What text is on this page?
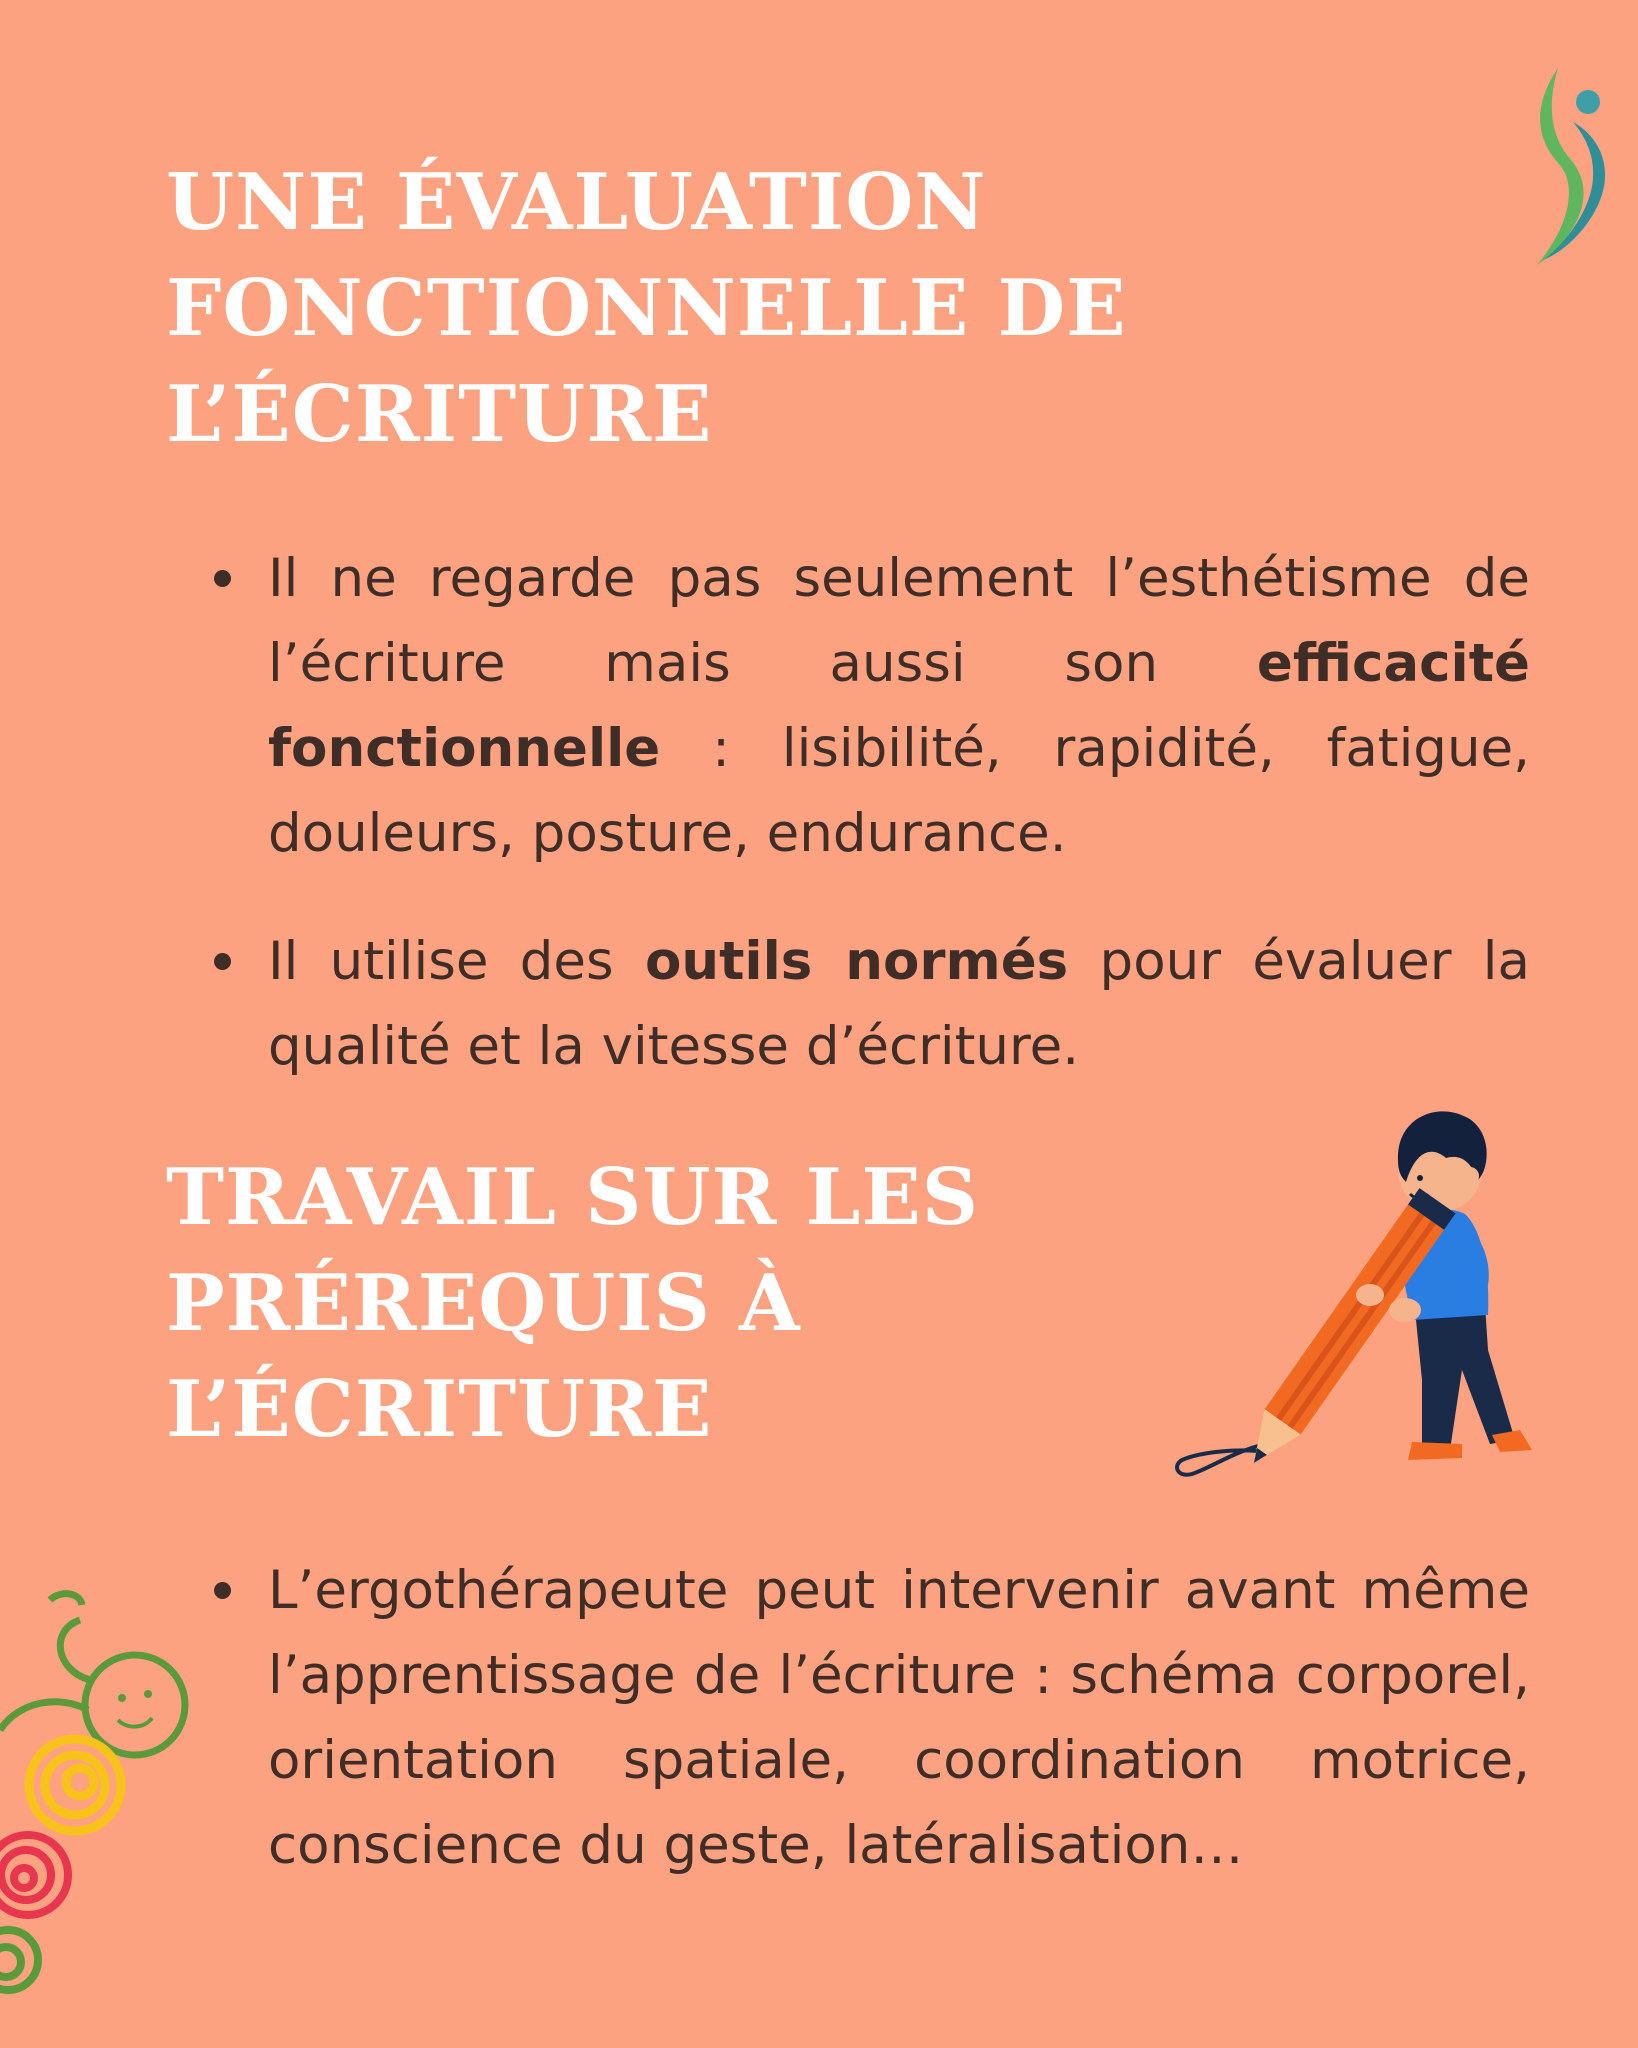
UNE ÉVALUATION
FONCTIONNELLE DE
L’ÉCRITURE
Il ne regarde pas seulement l’esthétisme de l’écriture mais aussi son efficacité fonctionnelle : lisibilité, rapidité, fatigue, douleurs, posture, endurance.
Il utilise des outils normés pour évaluer la qualité et la vitesse d’écriture.
TRAVAIL SUR LES
PRÉREQUIS À
L’ÉCRITURE
L’ergothérapeute peut intervenir avant même l’apprentissage de l’écriture : schéma corporel, orientation spatiale, coordination motrice, conscience du geste, latéralisation…
